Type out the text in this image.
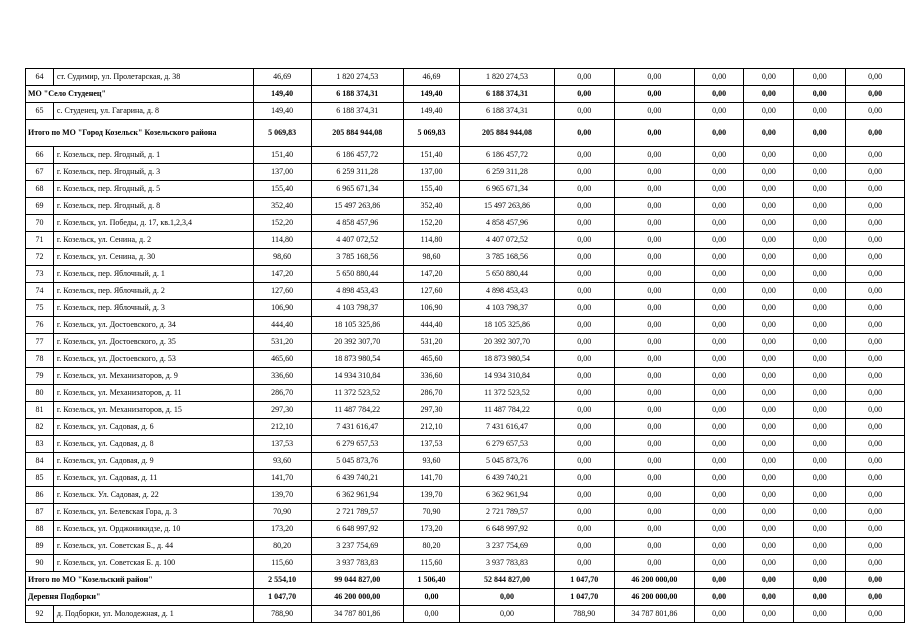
64	ст. Судимир, ул. Пролетарская, д. 38	46,69	1 820 274,53	46,69	1 820 274,53	0,00	0,00	0,00	0,00	0,00	0,00
МО "Село Студенец"		149,40	6 188 374,31	149,40	6 188 374,31	0,00	0,00	0,00	0,00	0,00	0,00
65	с. Студенец, ул. Гагарина, д. 8	149,40	6 188 374,31	149,40	6 188 374,31	0,00	0,00	0,00	0,00	0,00	0,00
Итого по МО "Город Козельск" Козельского района		5 069,83	205 884 944,08	5 069,83	205 884 944,08	0,00	0,00	0,00	0,00	0,00	0,00
66	г. Козельск, пер. Ягодный, д. 1	151,40	6 186 457,72	151,40	6 186 457,72	0,00	0,00	0,00	0,00	0,00	0,00
67	г. Козельск, пер. Ягодный, д. 3	137,00	6 259 311,28	137,00	6 259 311,28	0,00	0,00	0,00	0,00	0,00	0,00
68	г. Козельск, пер. Ягодный, д. 5	155,40	6 965 671,34	155,40	6 965 671,34	0,00	0,00	0,00	0,00	0,00	0,00
69	г. Козельск, пер. Ягодный, д. 8	352,40	15 497 263,86	352,40	15 497 263,86	0,00	0,00	0,00	0,00	0,00	0,00
70	г. Козельск, ул. Победы, д. 17, кв.1,2,3,4	152,20	4 858 457,96	152,20	4 858 457,96	0,00	0,00	0,00	0,00	0,00	0,00
71	г. Козельск, ул. Сенина, д. 2	114,80	4 407 072,52	114,80	4 407 072,52	0,00	0,00	0,00	0,00	0,00	0,00
72	г. Козельск, ул. Сенина, д. 30	98,60	3 785 168,56	98,60	3 785 168,56	0,00	0,00	0,00	0,00	0,00	0,00
73	г. Козельск, пер. Яблочный, д. 1	147,20	5 650 880,44	147,20	5 650 880,44	0,00	0,00	0,00	0,00	0,00	0,00
74	г. Козельск, пер. Яблочный, д. 2	127,60	4 898 453,43	127,60	4 898 453,43	0,00	0,00	0,00	0,00	0,00	0,00
75	г. Козельск, пер. Яблочный, д. 3	106,90	4 103 798,37	106,90	4 103 798,37	0,00	0,00	0,00	0,00	0,00	0,00
76	г. Козельск, ул. Достоевского, д. 34	444,40	18 105 325,86	444,40	18 105 325,86	0,00	0,00	0,00	0,00	0,00	0,00
77	г. Козельск, ул. Достоевского, д. 35	531,20	20 392 307,70	531,20	20 392 307,70	0,00	0,00	0,00	0,00	0,00	0,00
78	г. Козельск, ул. Достоевского, д. 53	465,60	18 873 980,54	465,60	18 873 980,54	0,00	0,00	0,00	0,00	0,00	0,00
79	г. Козельск, ул. Механизаторов, д. 9	336,60	14 934 310,84	336,60	14 934 310,84	0,00	0,00	0,00	0,00	0,00	0,00
80	г. Козельск, ул. Механизаторов, д. 11	286,70	11 372 523,52	286,70	11 372 523,52	0,00	0,00	0,00	0,00	0,00	0,00
81	г. Козельск, ул. Механизаторов, д. 15	297,30	11 487 784,22	297,30	11 487 784,22	0,00	0,00	0,00	0,00	0,00	0,00
82	г. Козельск, ул. Садовая, д. 6	212,10	7 431 616,47	212,10	7 431 616,47	0,00	0,00	0,00	0,00	0,00	0,00
83	г. Козельск, ул. Садовая, д. 8	137,53	6 279 657,53	137,53	6 279 657,53	0,00	0,00	0,00	0,00	0,00	0,00
84	г. Козельск, ул. Садовая, д. 9	93,60	5 045 873,76	93,60	5 045 873,76	0,00	0,00	0,00	0,00	0,00	0,00
85	г. Козельск, ул. Садовая, д. 11	141,70	6 439 740,21	141,70	6 439 740,21	0,00	0,00	0,00	0,00	0,00	0,00
86	г. Козельск. Ул. Садовая, д. 22	139,70	6 362 961,94	139,70	6 362 961,94	0,00	0,00	0,00	0,00	0,00	0,00
87	г. Козельск, ул. Белевская Гора, д. 3	70,90	2 721 789,57	70,90	2 721 789,57	0,00	0,00	0,00	0,00	0,00	0,00
88	г. Козельск, ул. Орджоникидзе, д. 10	173,20	6 648 997,92	173,20	6 648 997,92	0,00	0,00	0,00	0,00	0,00	0,00
89	г. Козельск, ул. Советская Б., д. 44	80,20	3 237 754,69	80,20	3 237 754,69	0,00	0,00	0,00	0,00	0,00	0,00
90	г. Козельск, ул. Советская Б. д. 100	115,60	3 937 783,83	115,60	3 937 783,83	0,00	0,00	0,00	0,00	0,00	0,00
Итого по МО "Козельский район"		2 554,10	99 044 827,00	1 506,40	52 844 827,00	1 047,70	46 200 000,00	0,00	0,00	0,00	0,00
Деревня Подборки"		1 047,70	46 200 000,00	0,00	0,00	1 047,70	46 200 000,00	0,00	0,00	0,00	0,00
92	д. Подборки, ул. Молодежная, д. 1	788,90	34 787 801,86	0,00	0,00	788,90	34 787 801,86	0,00	0,00	0,00	0,00
